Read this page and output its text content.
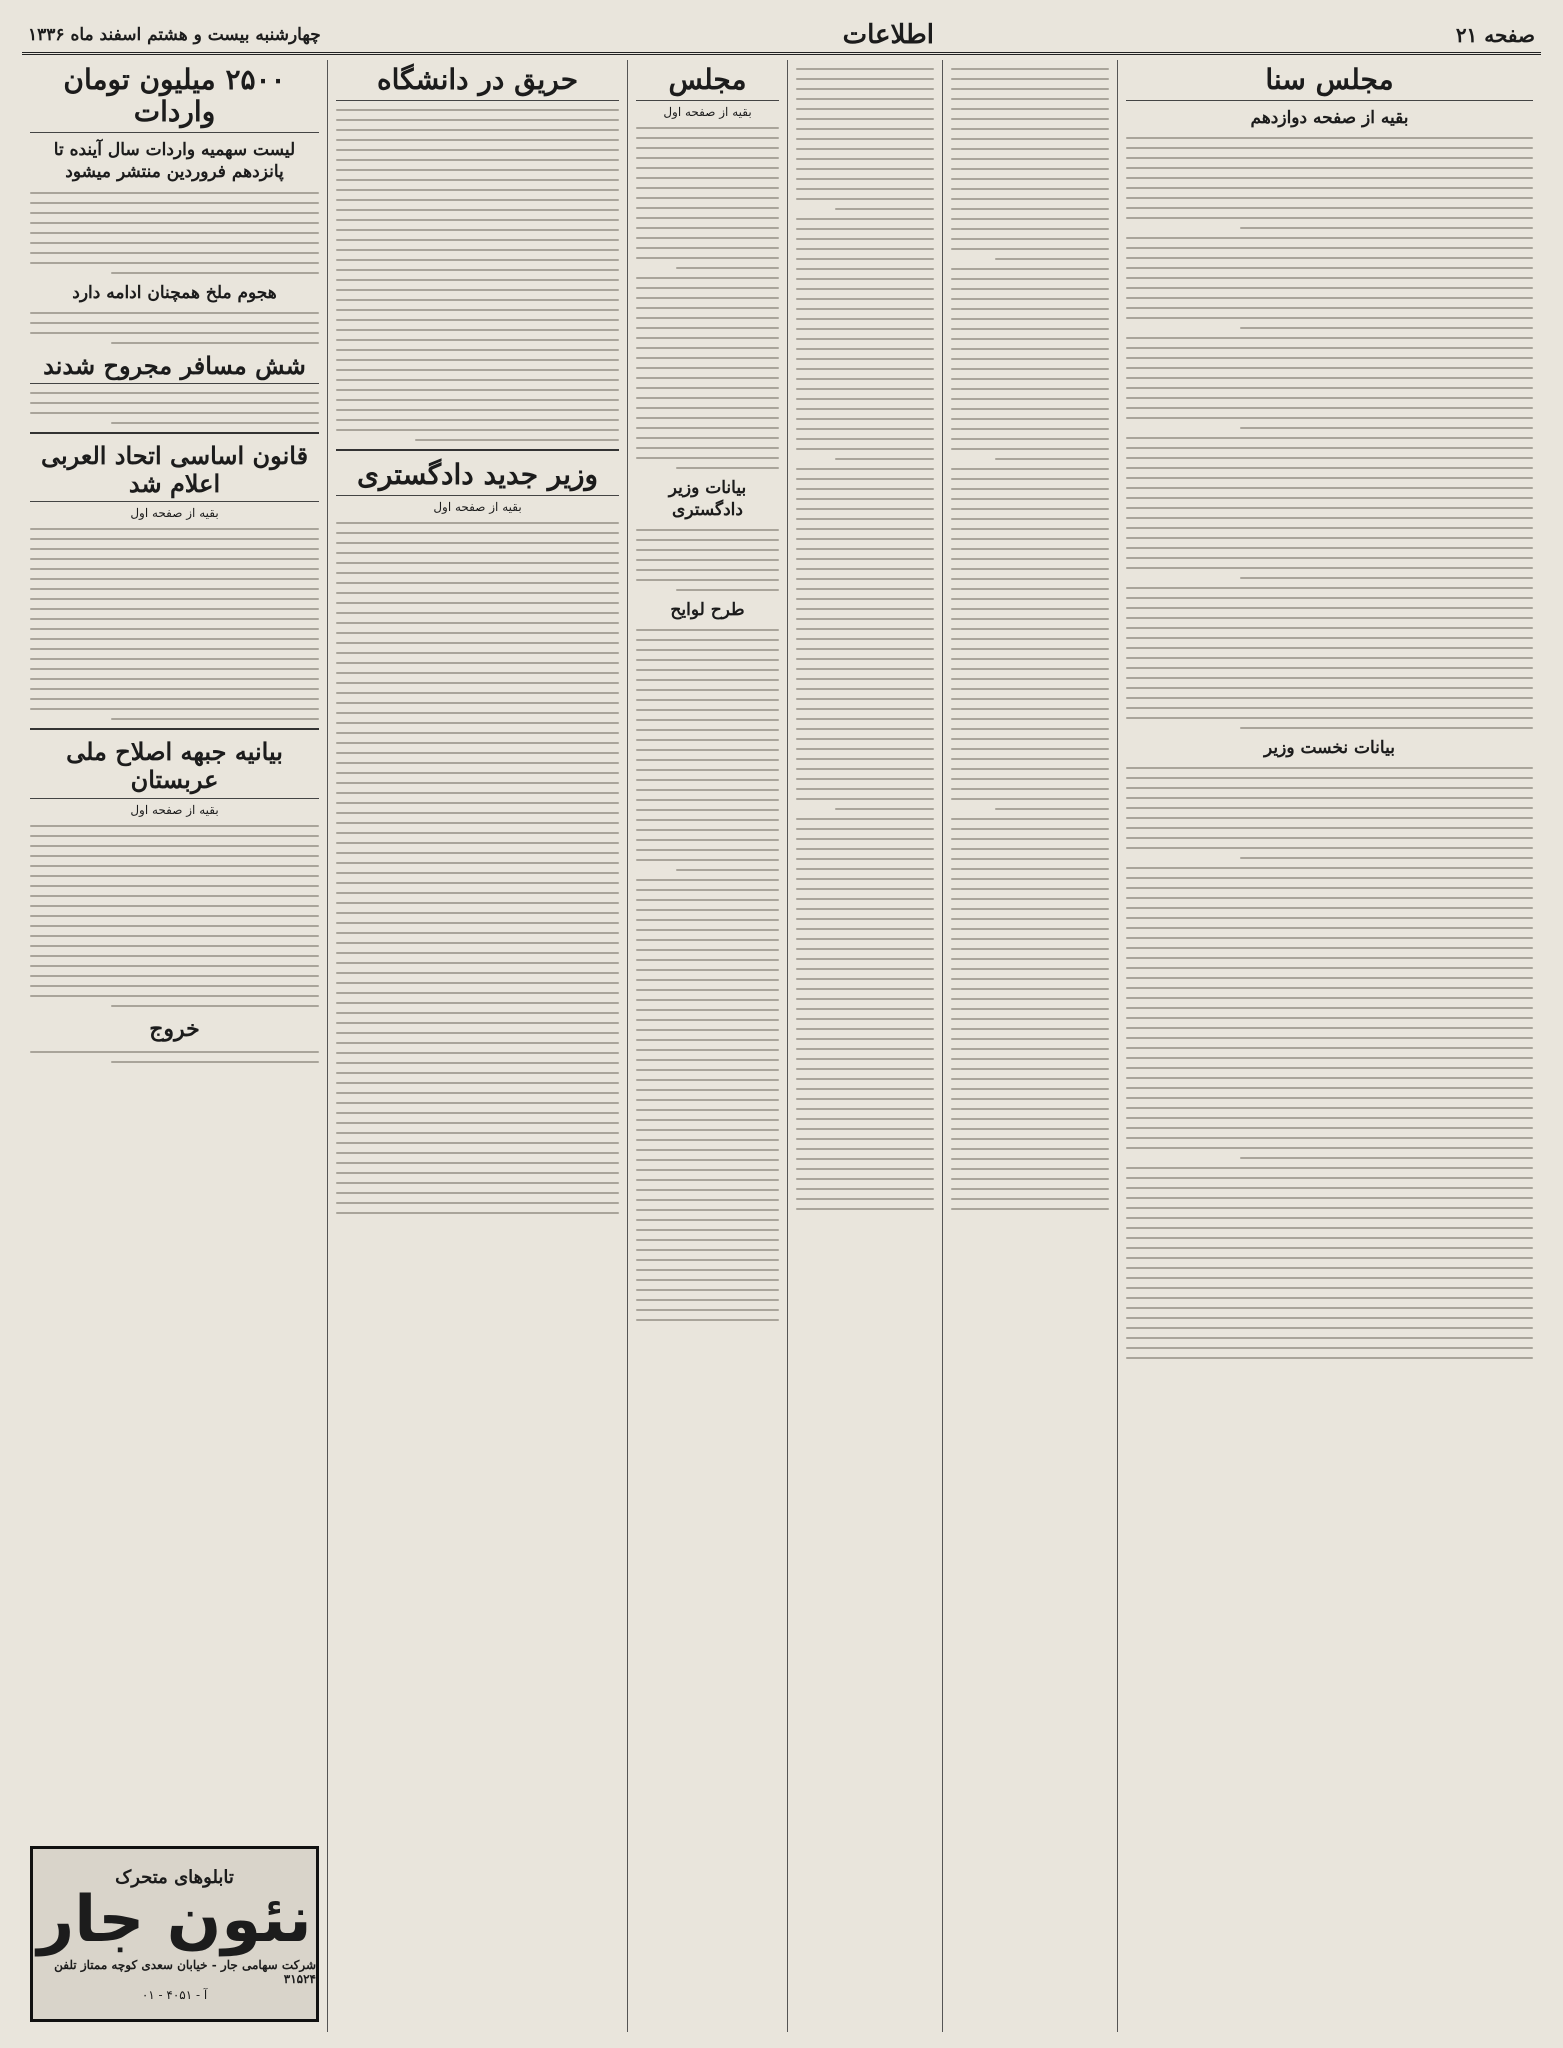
صفحه ۲۱
اطلاعات
چهارشنبه بیست و هشتم اسفند ماه ۱۳۳۶
مجلس سنا
بقیه از صفحه دوازدهم
بیانات نخست وزیر
مجلس
بقیه از صفحه اول
بیانات وزیر دادگستری
طرح لوایح
حریق در دانشگاه
وزیر جدید دادگستری
بقیه از صفحه اول
۲۵۰۰ میلیون تومان واردات
لیست سهمیه واردات سال آینده تا پانزدهم فروردین منتشر میشود
هجوم ملخ همچنان ادامه دارد
شش مسافر مجروح شدند
قانون اساسی اتحاد العربی اعلام شد
بقیه از صفحه اول
بیانیه جبهه اصلاح ملی عربستان
بقیه از صفحه اول
خروج
تابلوهای متحرک
نئون جار
شرکت سهامی جار - خیابان سعدی کوچه ممتاز تلفن ۳۱۵۲۴
آ - ۴۰۵۱ - ۰۱
